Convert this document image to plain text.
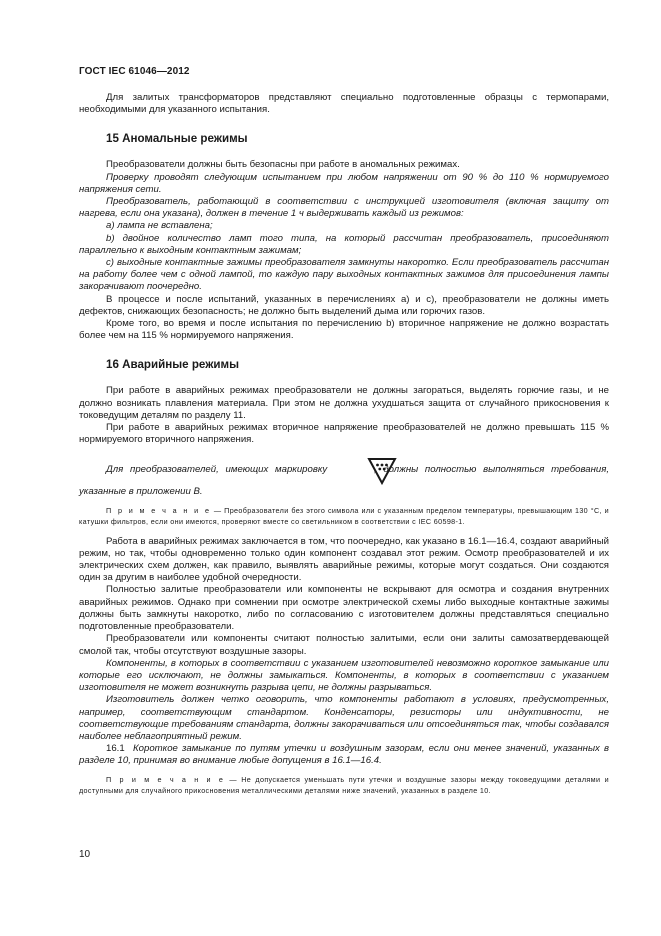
ГОСТ IEC 61046—2012

Для залитых трансформаторов представляют специально подготовленные образцы с термопарами, необходимыми для указанного испытания.

15 Аномальные режимы

Преобразователи должны быть безопасны при работе в аномальных режимах.

Проверку проводят следующим испытанием при любом напряжении от 90 % до 110 % нормируемого напряжения сети.

Преобразователь, работающий в соответствии с инструкцией изготовителя (включая защиту от нагрева, если она указана), должен в течение 1 ч выдерживать каждый из режимов:

а) лампа не вставлена;

b) двойное количество ламп того типа, на который рассчитан преобразователь, присоединяют параллельно к выходным контактным зажимам;

с) выходные контактные зажимы преобразователя замкнуты накоротко. Если преобразователь рассчитан на работу более чем с одной лампой, то каждую пару выходных контактных зажимов для присоединения лампы закорачивают поочередно.

В процессе и после испытаний, указанных в перечислениях а) и с), преобразователи не должны иметь дефектов, снижающих безопасность; не должно быть выделений дыма или горючих газов.

Кроме того, во время и после испытания по перечислению b) вторичное напряжение не должно возрастать более чем на 115 % нормируемого напряжения.

16 Аварийные режимы

При работе в аварийных режимах преобразователи не должны загораться, выделять горючие газы, и не должно возникать плавления материала. При этом не должна ухудшаться защита от случайного прикосновения к токоведущим деталям по разделу 11.

При работе в аварийных режимах вторичное напряжение преобразователей не должно превышать 115 % нормируемого вторичного напряжения.

Для преобразователей, имеющих маркировку	, должны полностью выполняться требования, указанные в приложении В.

П р и м е ч а н и е — Преобразователи без этого символа или с указанным пределом температуры, превышающим 130 °С, и катушки фильтров, если они имеются, проверяют вместе со светильником в соответствии с IEC 60598-1.

Работа в аварийных режимах заключается в том, что поочередно, как указано в 16.1—16.4, создают аварийный режим, но так, чтобы одновременно только один компонент создавал этот режим. Осмотр преобразователей и их электрических схем должен, как правило, выявлять аварийные режимы, которые могут создаться. Они создаются один за другим в наиболее удобной очередности.

Полностью залитые преобразователи или компоненты не вскрывают для осмотра и создания внутренних аварийных режимов. Однако при сомнении при осмотре электрической схемы либо выходные контактные зажимы должны быть замкнуты накоротко, либо по согласованию с изготовителем должны представляться специально подготовленные преобразователи.

Преобразователи или компоненты считают полностью залитыми, если они залиты самозатвердевающей смолой так, чтобы отсутствуют воздушные зазоры.

Компоненты, в которых в соответствии с указанием изготовителей невозможно короткое замыкание или которые его исключают, не должны замыкаться. Компоненты, в которых в соответствии с указанием изготовителя не может возникнуть разрыва цепи, не должны разрываться.

Изготовитель должен четко оговорить, что компоненты работают в условиях, предусмотренных, например, соответствующим стандартом. Конденсаторы, резисторы или индуктивности, не соответствующие требованиям стандарта, должны закорачиваться или отсоединяться так, чтобы создавался наиболее неблагоприятный режим.

16.1 Короткое замыкание по путям утечки и воздушным зазорам, если они менее значений, указанных в разделе 10, принимая во внимание любые допущения в 16.1—16.4.

П р и м е ч а н и е — Не допускается уменьшать пути утечки и воздушные зазоры между токоведущими деталями и доступными для случайного прикосновения металлическими деталями ниже значений, указанных в разделе 10.

10
